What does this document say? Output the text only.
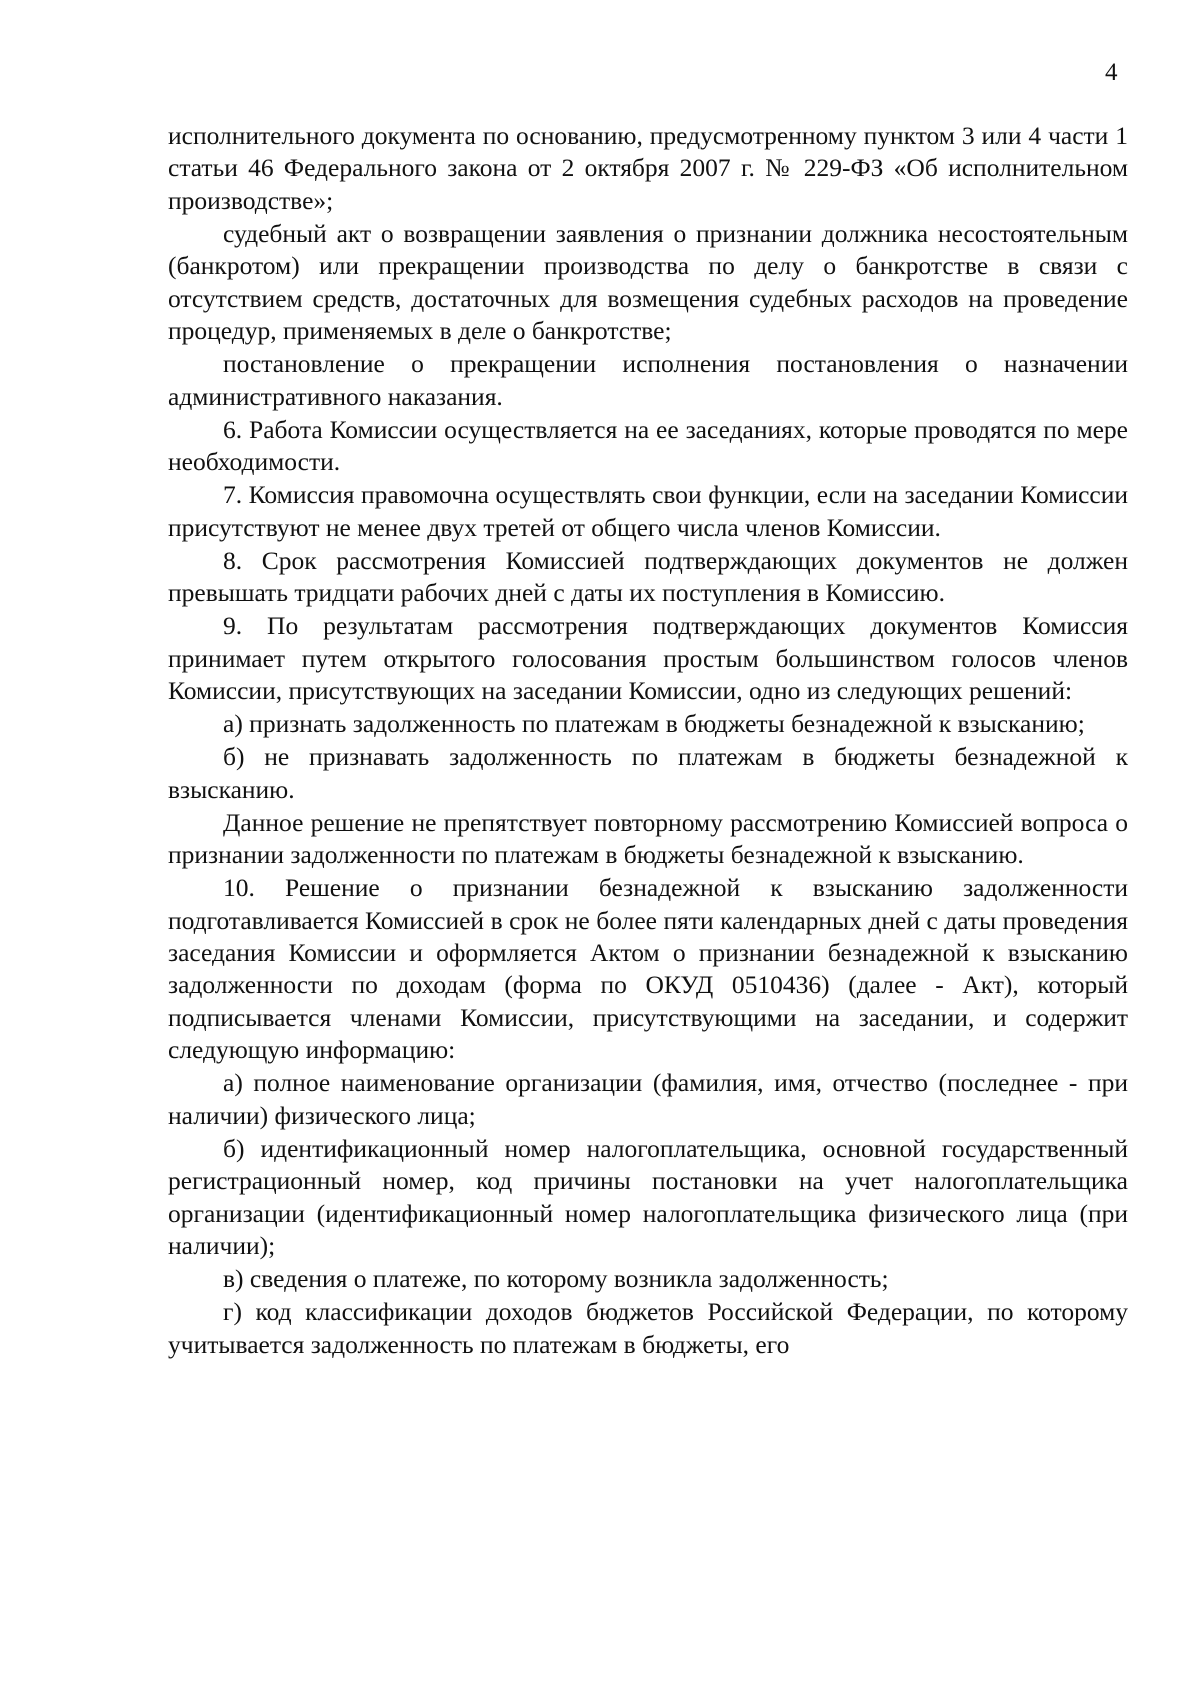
4

исполнительного документа по основанию, предусмотренному пунктом 3 или 4 части 1 статьи 46 Федерального закона от 2 октября 2007 г. № 229-ФЗ «Об исполнительном производстве»;

судебный акт о возвращении заявления о признании должника несостоятельным (банкротом) или прекращении производства по делу о банкротстве в связи с отсутствием средств, достаточных для возмещения судебных расходов на проведение процедур, применяемых в деле о банкротстве;

постановление о прекращении исполнения постановления о назначении административного наказания.

6. Работа Комиссии осуществляется на ее заседаниях, которые проводятся по мере необходимости.

7. Комиссия правомочна осуществлять свои функции, если на заседании Комиссии присутствуют не менее двух третей от общего числа членов Комиссии.

8. Срок рассмотрения Комиссией подтверждающих документов не должен превышать тридцати рабочих дней с даты их поступления в Комиссию.

9. По результатам рассмотрения подтверждающих документов Комиссия принимает путем открытого голосования простым большинством голосов членов Комиссии, присутствующих на заседании Комиссии, одно из следующих решений:

а) признать задолженность по платежам в бюджеты безнадежной к взысканию;

б) не признавать задолженность по платежам в бюджеты безнадежной к взысканию.

Данное решение не препятствует повторному рассмотрению Комиссией вопроса о признании задолженности по платежам в бюджеты безнадежной к взысканию.

10. Решение о признании безнадежной к взысканию задолженности подготавливается Комиссией в срок не более пяти календарных дней с даты проведения заседания Комиссии и оформляется Актом о признании безнадежной к взысканию задолженности по доходам (форма по ОКУД 0510436) (далее - Акт), который подписывается членами Комиссии, присутствующими на заседании, и содержит следующую информацию:

а) полное наименование организации (фамилия, имя, отчество (последнее - при наличии) физического лица;

б) идентификационный номер налогоплательщика, основной государственный регистрационный номер, код причины постановки на учет налогоплательщика организации (идентификационный номер налогоплательщика физического лица (при наличии);

в) сведения о платеже, по которому возникла задолженность;

г) код классификации доходов бюджетов Российской Федерации, по которому учитывается задолженность по платежам в бюджеты, его
